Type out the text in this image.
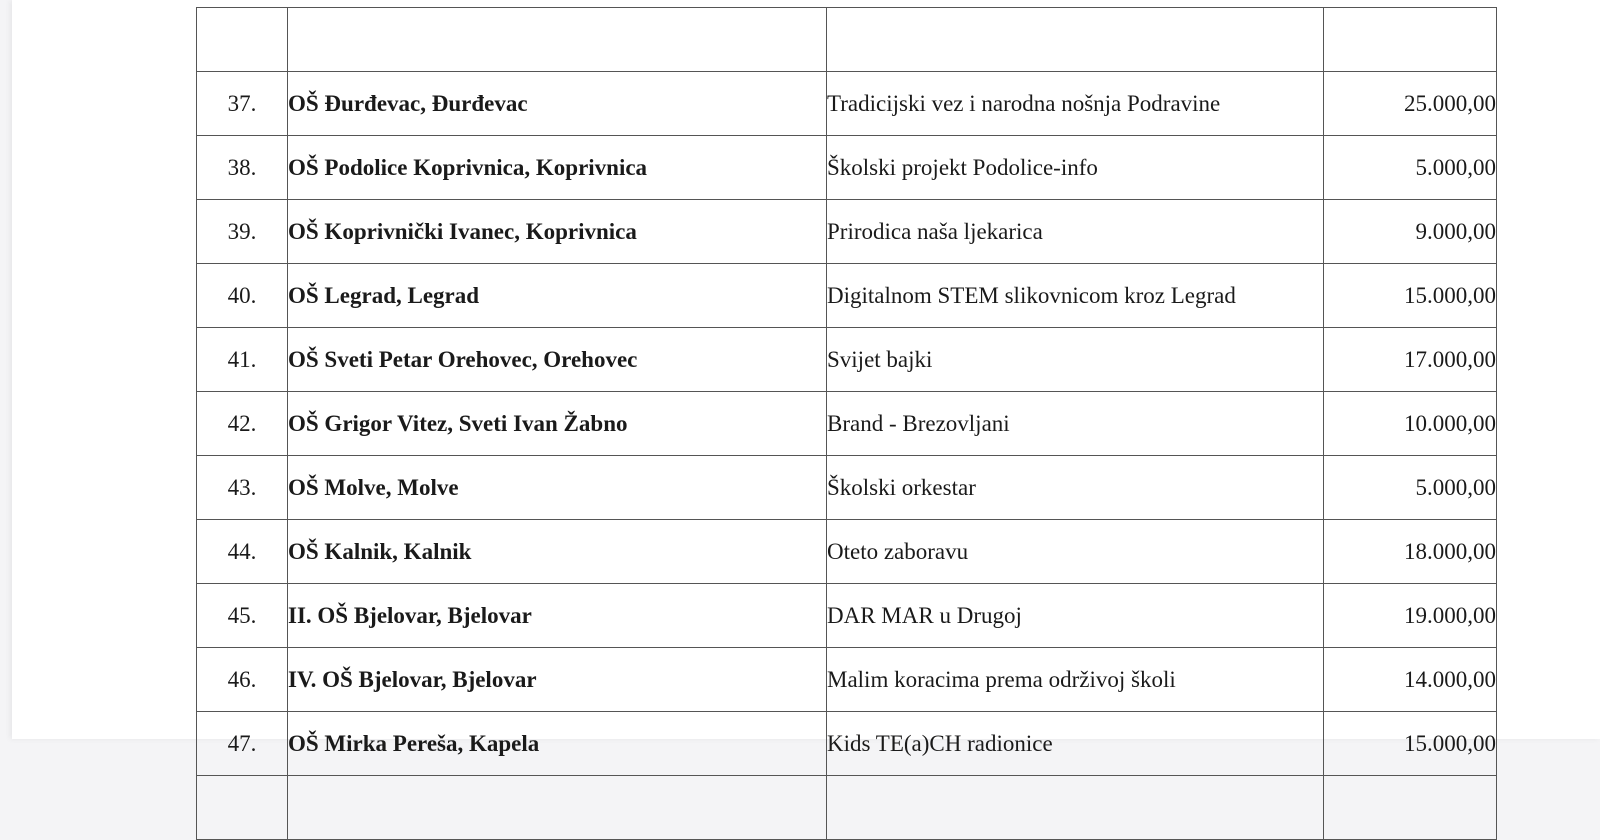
37.	OŠ Đurđevac, Đurđevac	Tradicijski vez i narodna nošnja Podravine	25.000,00
38.	OŠ Podolice Koprivnica, Koprivnica	Školski projekt Podolice-info	5.000,00
39.	OŠ Koprivnički Ivanec, Koprivnica	Prirodica naša ljekarica	9.000,00
40.	OŠ Legrad, Legrad	Digitalnom STEM slikovnicom kroz Legrad	15.000,00
41.	OŠ Sveti Petar Orehovec, Orehovec	Svijet bajki	17.000,00
42.	OŠ Grigor Vitez, Sveti Ivan Žabno	Brand - Brezovljani	10.000,00
43.	OŠ Molve, Molve	Školski orkestar	5.000,00
44.	OŠ Kalnik, Kalnik	Oteto zaboravu	18.000,00
45.	II. OŠ Bjelovar, Bjelovar	DAR MAR u Drugoj	19.000,00
46.	IV. OŠ Bjelovar, Bjelovar	Malim koracima prema održivoj školi	14.000,00
47.	OŠ Mirka Pereša, Kapela	Kids TE(a)CH radionice	15.000,00
